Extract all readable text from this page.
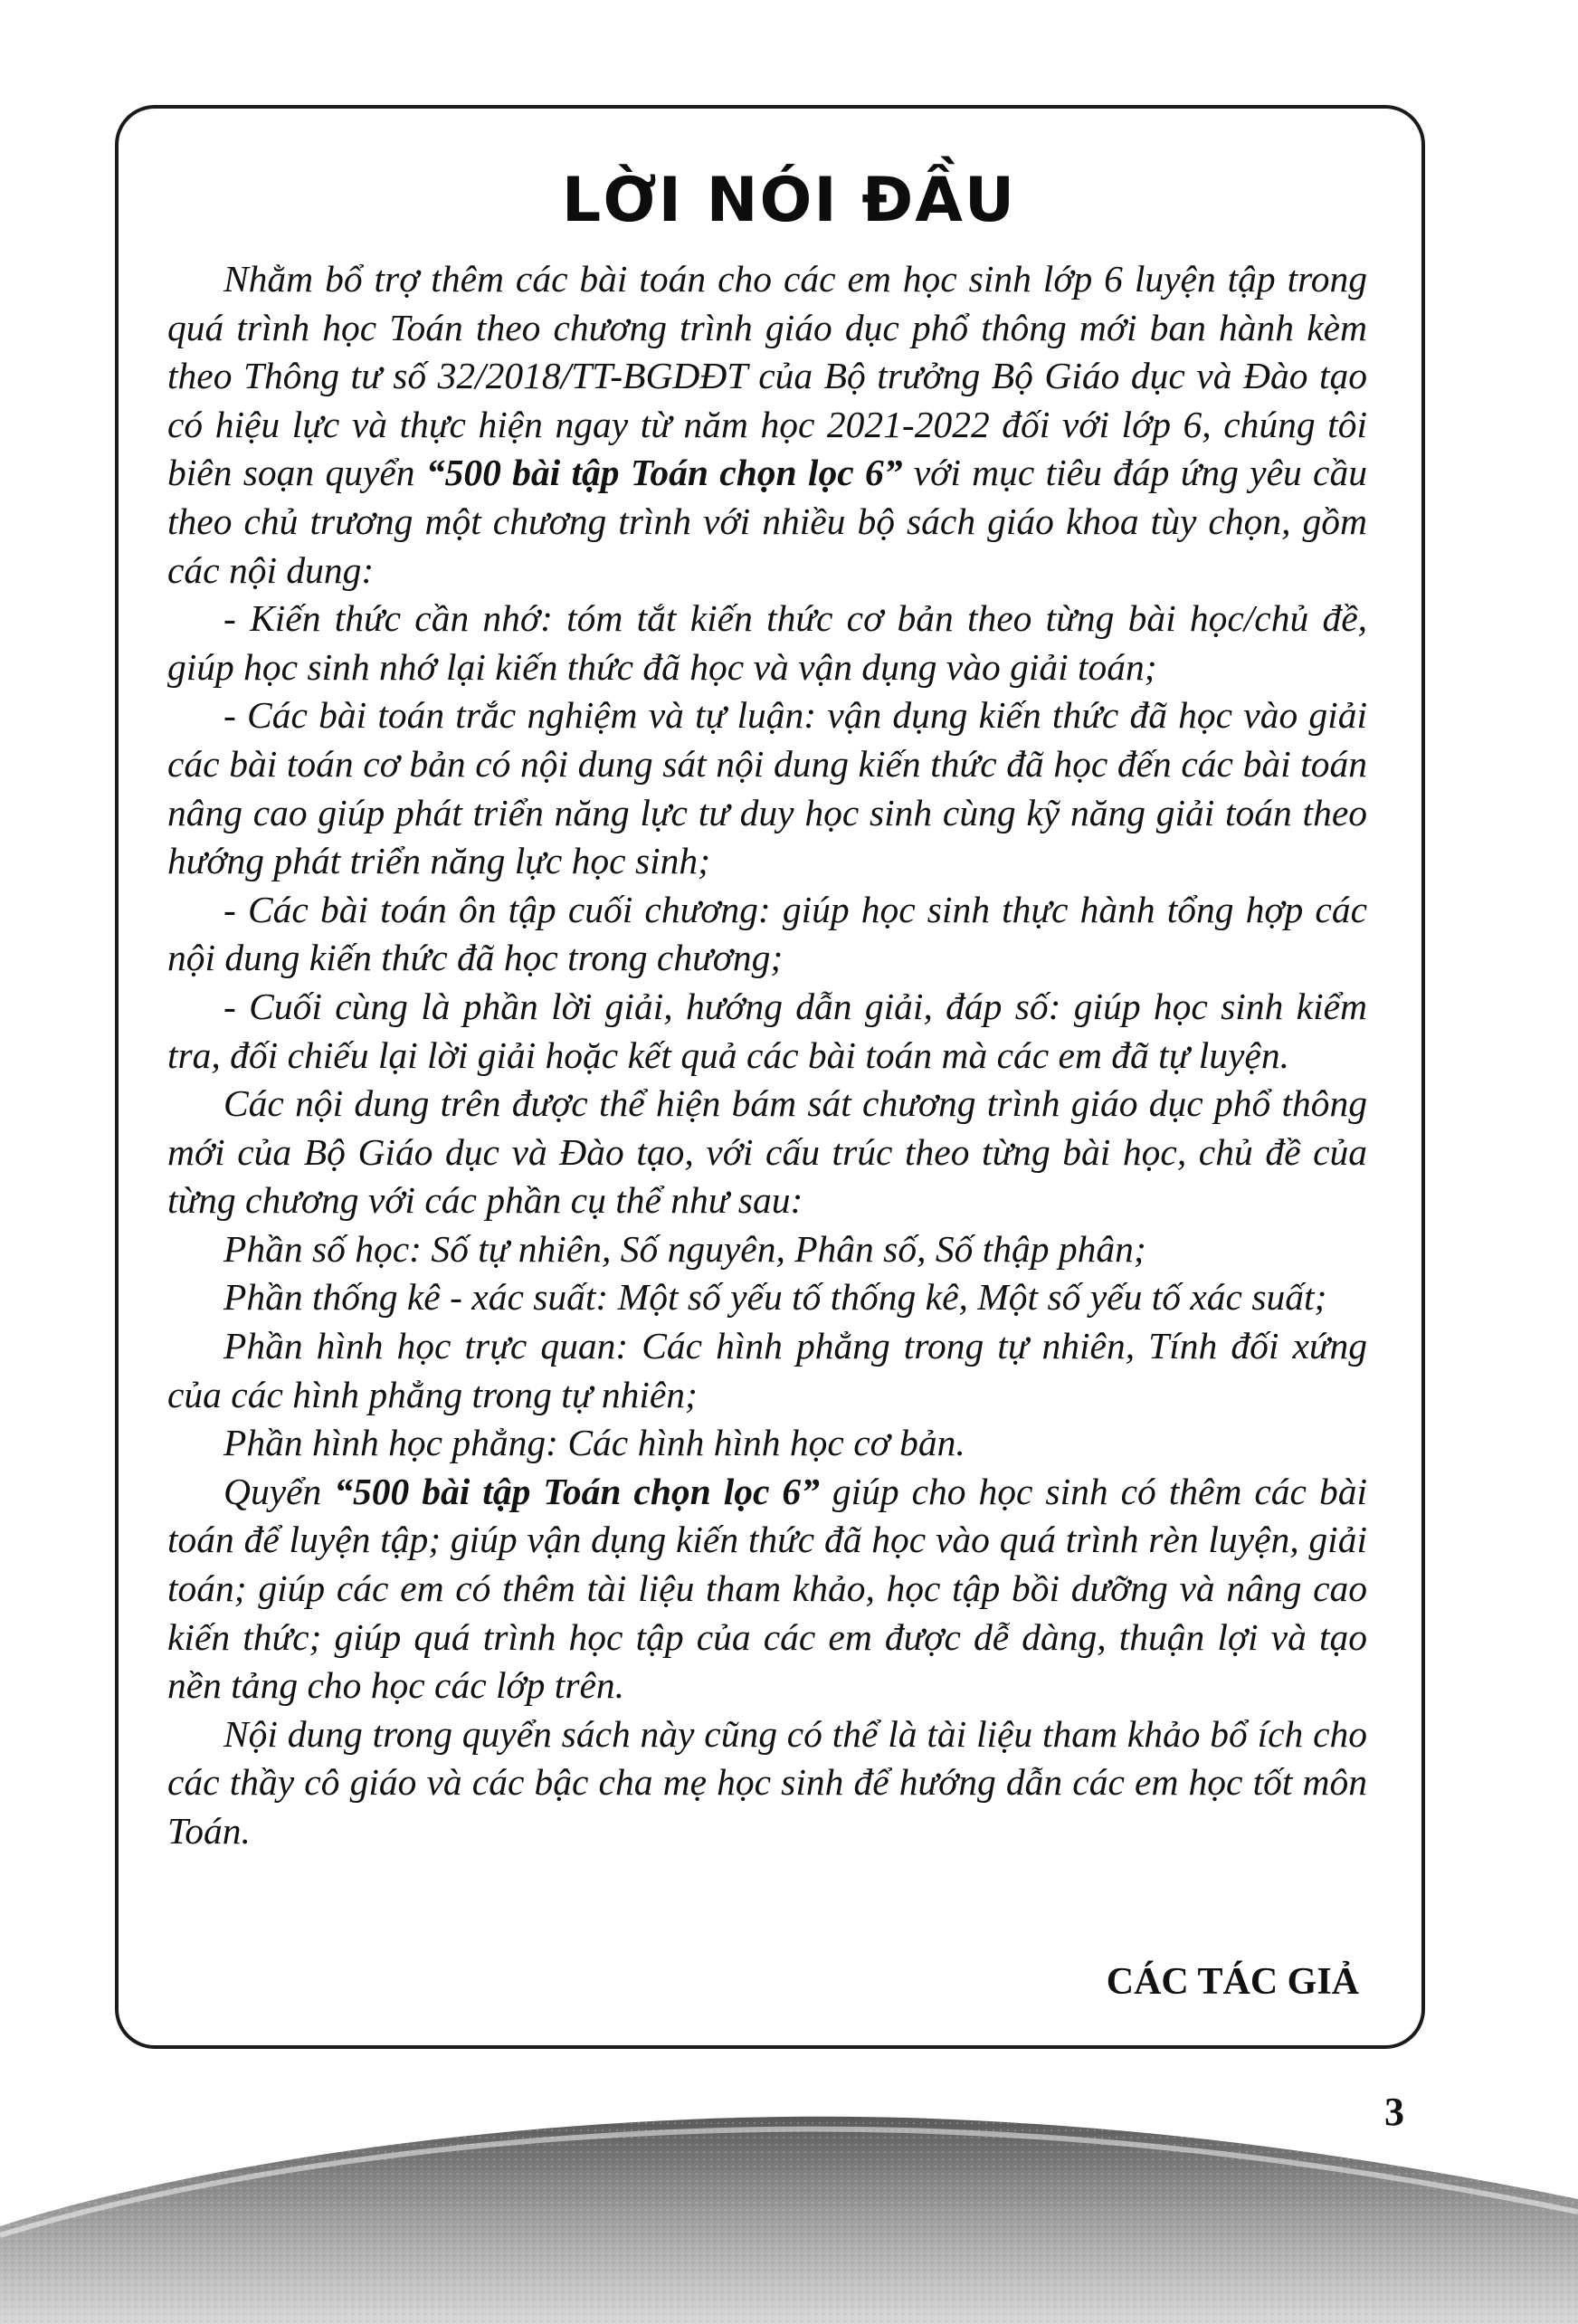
LỜI NÓI ĐẦU

Nhằm bổ trợ thêm các bài toán cho các em học sinh lớp 6 luyện tập trong quá trình học Toán theo chương trình giáo dục phổ thông mới ban hành kèm theo Thông tư số 32/2018/TT-BGDĐT của Bộ trưởng Bộ Giáo dục và Đào tạo có hiệu lực và thực hiện ngay từ năm học 2021-2022 đối với lớp 6, chúng tôi biên soạn quyển “500 bài tập Toán chọn lọc 6” với mục tiêu đáp ứng yêu cầu theo chủ trương một chương trình với nhiều bộ sách giáo khoa tùy chọn, gồm các nội dung:

- Kiến thức cần nhớ: tóm tắt kiến thức cơ bản theo từng bài học/chủ đề, giúp học sinh nhớ lại kiến thức đã học và vận dụng vào giải toán;

- Các bài toán trắc nghiệm và tự luận: vận dụng kiến thức đã học vào giải các bài toán cơ bản có nội dung sát nội dung kiến thức đã học đến các bài toán nâng cao giúp phát triển năng lực tư duy học sinh cùng kỹ năng giải toán theo hướng phát triển năng lực học sinh;

- Các bài toán ôn tập cuối chương: giúp học sinh thực hành tổng hợp các nội dung kiến thức đã học trong chương;

- Cuối cùng là phần lời giải, hướng dẫn giải, đáp số: giúp học sinh kiểm tra, đối chiếu lại lời giải hoặc kết quả các bài toán mà các em đã tự luyện.

Các nội dung trên được thể hiện bám sát chương trình giáo dục phổ thông mới của Bộ Giáo dục và Đào tạo, với cấu trúc theo từng bài học, chủ đề của từng chương với các phần cụ thể như sau:

Phần số học: Số tự nhiên, Số nguyên, Phân số, Số thập phân;

Phần thống kê - xác suất: Một số yếu tố thống kê, Một số yếu tố xác suất;

Phần hình học trực quan: Các hình phẳng trong tự nhiên, Tính đối xứng của các hình phẳng trong tự nhiên;

Phần hình học phẳng: Các hình hình học cơ bản.

Quyển “500 bài tập Toán chọn lọc 6” giúp cho học sinh có thêm các bài toán để luyện tập; giúp vận dụng kiến thức đã học vào quá trình rèn luyện, giải toán; giúp các em có thêm tài liệu tham khảo, học tập bồi dưỡng và nâng cao kiến thức; giúp quá trình học tập của các em được dễ dàng, thuận lợi và tạo nền tảng cho học các lớp trên.

Nội dung trong quyển sách này cũng có thể là tài liệu tham khảo bổ ích cho các thầy cô giáo và các bậc cha mẹ học sinh để hướng dẫn các em học tốt môn Toán.

CÁC TÁC GIẢ
3
